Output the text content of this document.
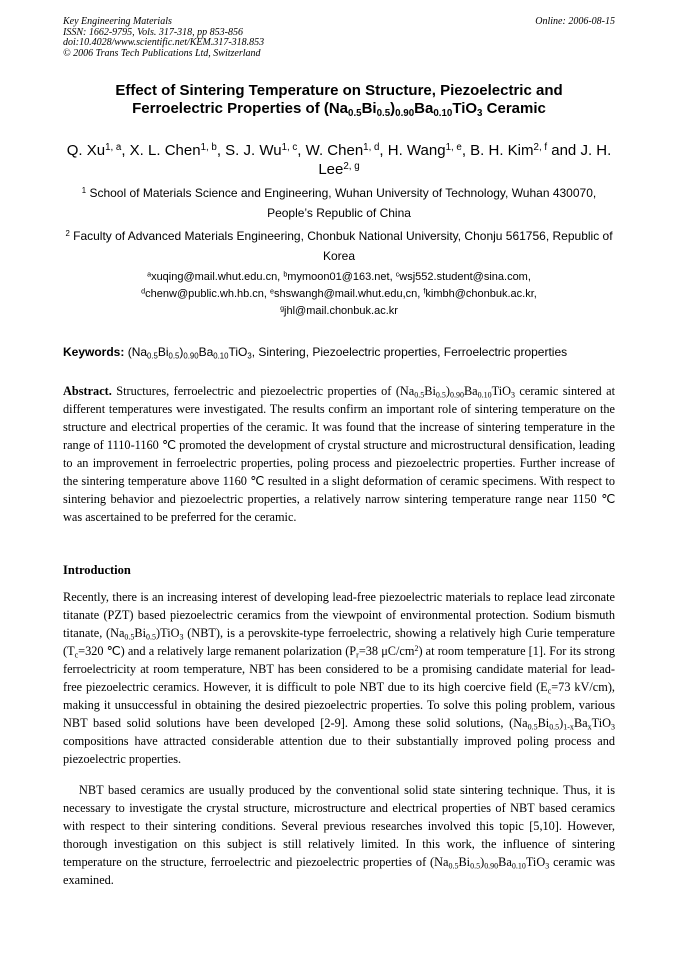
Key Engineering Materials
ISSN: 1662-9795, Vols. 317-318, pp 853-856
doi:10.4028/www.scientific.net/KEM.317-318.853
© 2006 Trans Tech Publications Ltd, Switzerland
Online: 2006-08-15
Effect of Sintering Temperature on Structure, Piezoelectric and
Ferroelectric Properties of $(Na_{0.5}Bi_{0.5})_{0.90}Ba_{0.10}TiO_3$ Ceramic
Q. Xu$^{1, a}$, X. L. Chen$^{1, b}$, S. J. Wu$^{1, c}$, W. Chen$^{1, d}$, H. Wang$^{1, e}$, B. H. Kim$^{2, f}$ and J. H. Lee$^{2, g}$
$^1$ School of Materials Science and Engineering, Wuhan University of Technology, Wuhan 430070, People’s Republic of China
$^2$ Faculty of Advanced Materials Engineering, Chonbuk National University, Chonju 561756, Republic of Korea
$^a$xuqing@mail.whut.edu.cn, $^b$mymoon01@163.net, $^c$wsj552.student@sina.com,
$^d$chenw@public.wh.hb.cn, $^e$shswangh@mail.whut.edu,cn, $^f$kimbh@chonbuk.ac.kr,
$^g$jhl@mail.chonbuk.ac.kr
Keywords: $(Na_{0.5}Bi_{0.5})_{0.90}Ba_{0.10}TiO_3$, Sintering, Piezoelectric properties, Ferroelectric properties
Abstract. Structures, ferroelectric and piezoelectric properties of $(Na_{0.5}Bi_{0.5})_{0.90}Ba_{0.10}TiO_3$ ceramic sintered at different temperatures were investigated. The results confirm an important role of sintering temperature on the structure and electrical properties of the ceramic. It was found that the increase of sintering temperature in the range of 1110-1160 ℃ promoted the development of crystal structure and microstructural densification, leading to an improvement in ferroelectric properties, poling process and piezoelectric properties. Further increase of the sintering temperature above 1160 ℃ resulted in a slight deformation of ceramic specimens. With respect to sintering behavior and piezoelectric properties, a relatively narrow sintering temperature range near 1150 ℃ was ascertained to be preferred for the ceramic.
Introduction
Recently, there is an increasing interest of developing lead-free piezoelectric materials to replace lead zirconate titanate (PZT) based piezoelectric ceramics from the viewpoint of environmental protection. Sodium bismuth titanate, $(Na_{0.5}Bi_{0.5})TiO_3$ (NBT), is a perovskite-type ferroelectric, showing a relatively high Curie temperature ($T_c=320$ ℃) and a relatively large remanent polarization ($P_r=38$ $\mu C/cm^2$) at room temperature [1]. For its strong ferroelectricity at room temperature, NBT has been considered to be a promising candidate material for lead-free piezoelectric ceramics. However, it is difficult to pole NBT due to its high coercive field ($E_c=73$ kV/cm), making it unsuccessful in obtaining the desired piezoelectric properties. To solve this poling problem, various NBT based solid solutions have been developed [2-9]. Among these solid solutions, $(Na_{0.5}Bi_{0.5})_{1-x}Ba_xTiO_3$ compositions have attracted considerable attention due to their substantially improved poling process and piezoelectric properties.
NBT based ceramics are usually produced by the conventional solid state sintering technique. Thus, it is necessary to investigate the crystal structure, microstructure and electrical properties of NBT based ceramics with respect to their sintering conditions. Several previous researches involved this topic [5,10]. However, thorough investigation on this subject is still relatively limited. In this work, the influence of sintering temperature on the structure, ferroelectric and piezoelectric properties of $(Na_{0.5}Bi_{0.5})_{0.90}Ba_{0.10}TiO_3$ ceramic was examined.
